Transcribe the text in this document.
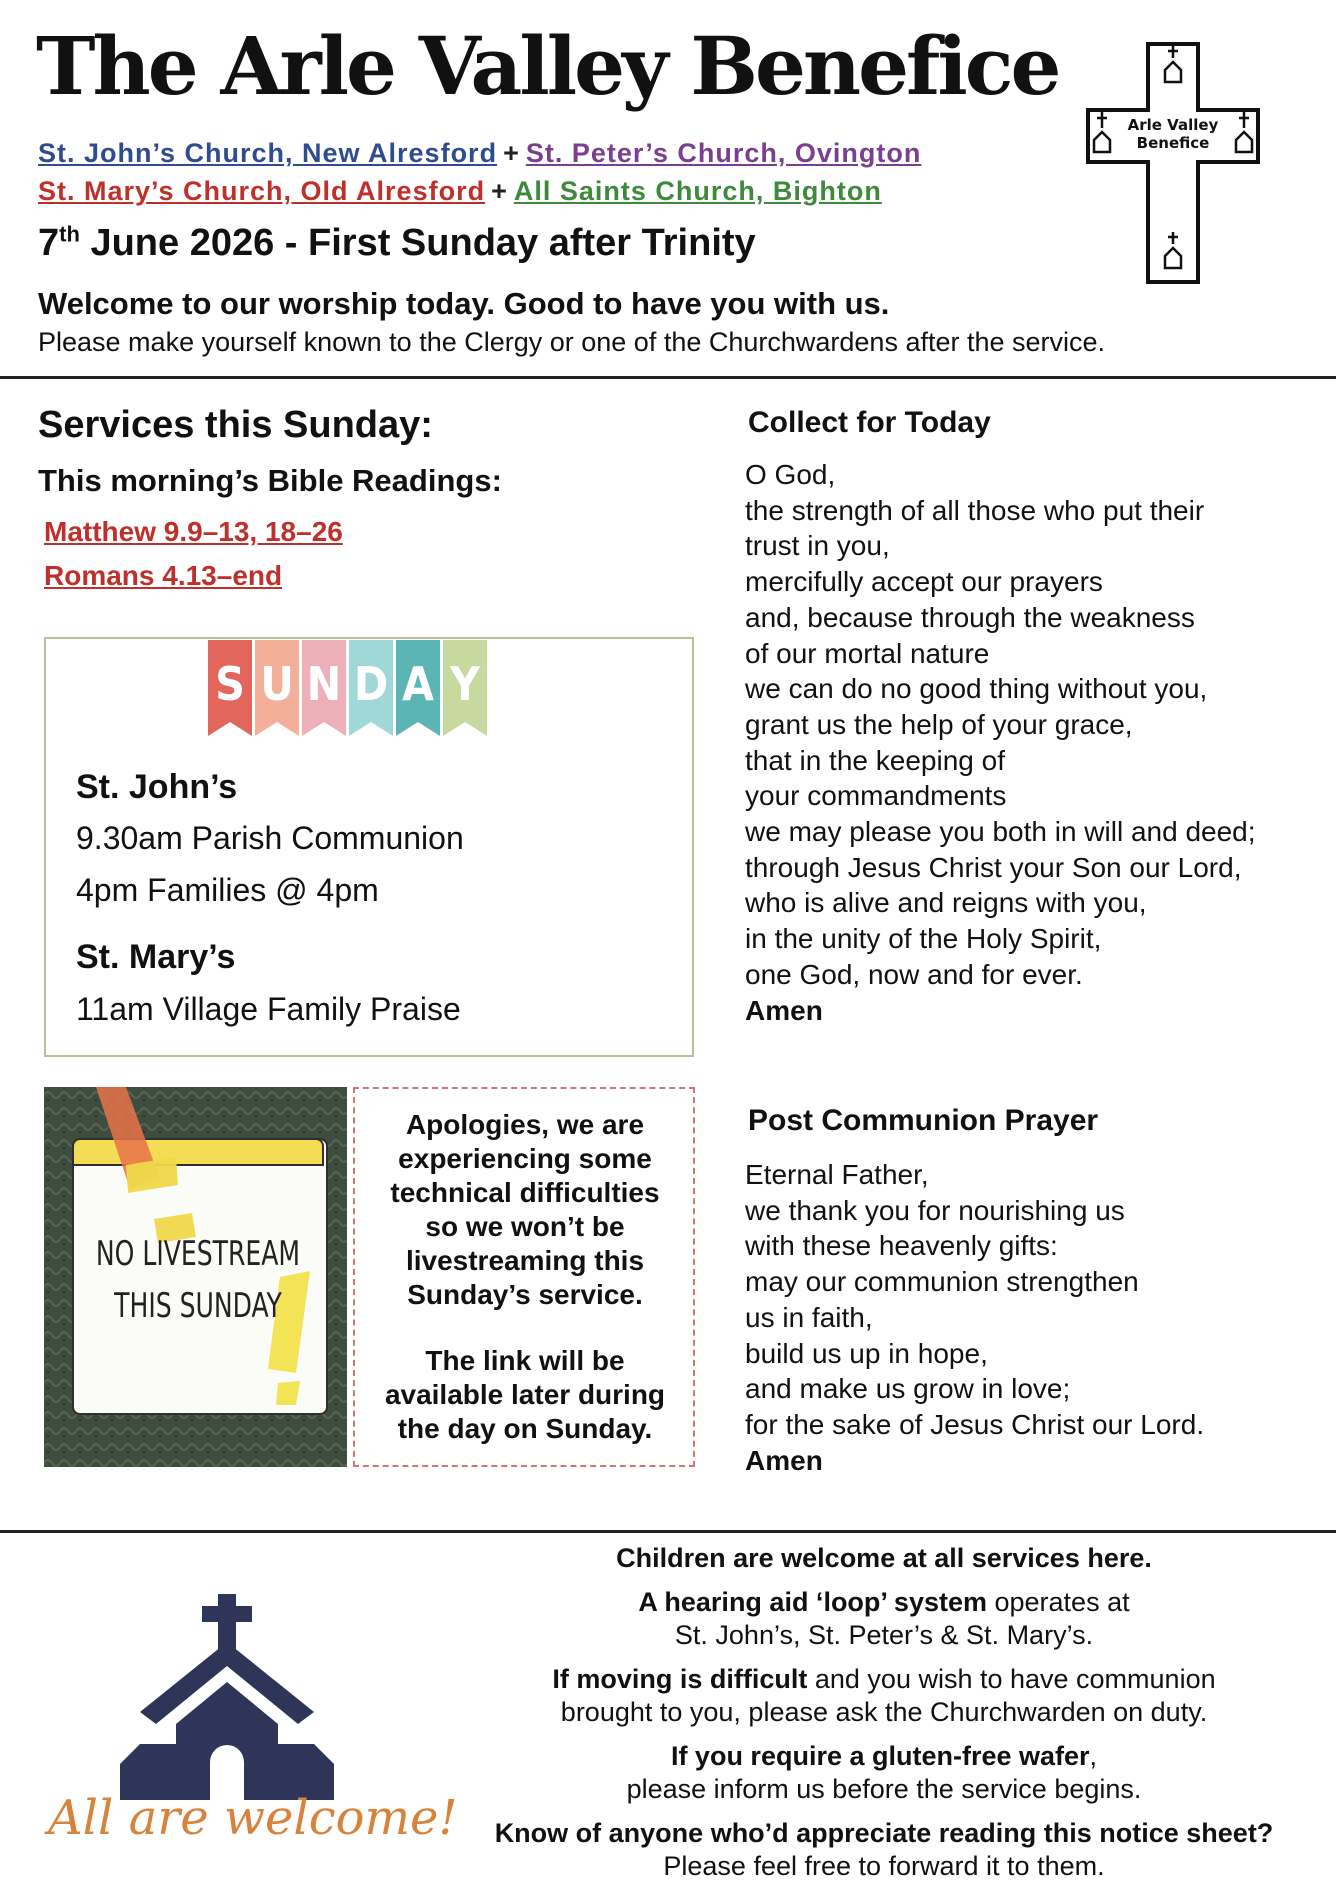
The Arle Valley Benefice
St. John’s Church, New Alresford + St. Peter’s Church, Ovington
St. Mary’s Church, Old Alresford + All Saints Church, Bighton
7th June 2026 - First Sunday after Trinity
Welcome to our worship today. Good to have you with us.
Please make yourself known to the Clergy or one of the Churchwardens after the service.
Arle Valley
Benefice
Services this Sunday:
This morning’s Bible Readings:
Matthew 9.9–13, 18–26
Romans 4.13–end
S U N D A Y
St. John’s
9.30am Parish Communion
4pm Families @ 4pm
St. Mary’s
11am Village Family Praise
NO LIVESTREAM
THIS SUNDAY
Apologies, we are
experiencing some
technical difficulties
so we won’t be
livestreaming this
Sunday’s service.
The link will be
available later during
the day on Sunday.
Collect for Today
O God,
the strength of all those who put their
trust in you,
mercifully accept our prayers
and, because through the weakness
of our mortal nature
we can do no good thing without you,
grant us the help of your grace,
that in the keeping of
your commandments
we may please you both in will and deed;
through Jesus Christ your Son our Lord,
who is alive and reigns with you,
in the unity of the Holy Spirit,
one God, now and for ever.
Amen
Post Communion Prayer
Eternal Father,
we thank you for nourishing us
with these heavenly gifts:
may our communion strengthen
us in faith,
build us up in hope,
and make us grow in love;
for the sake of Jesus Christ our Lord.
Amen
All are welcome!
Children are welcome at all services here.
A hearing aid ‘loop’ system operates at
St. John’s, St. Peter’s & St. Mary’s.
If moving is difficult and you wish to have communion
brought to you, please ask the Churchwarden on duty.
If you require a gluten-free wafer,
please inform us before the service begins.
Know of anyone who’d appreciate reading this notice sheet?
Please feel free to forward it to them.
